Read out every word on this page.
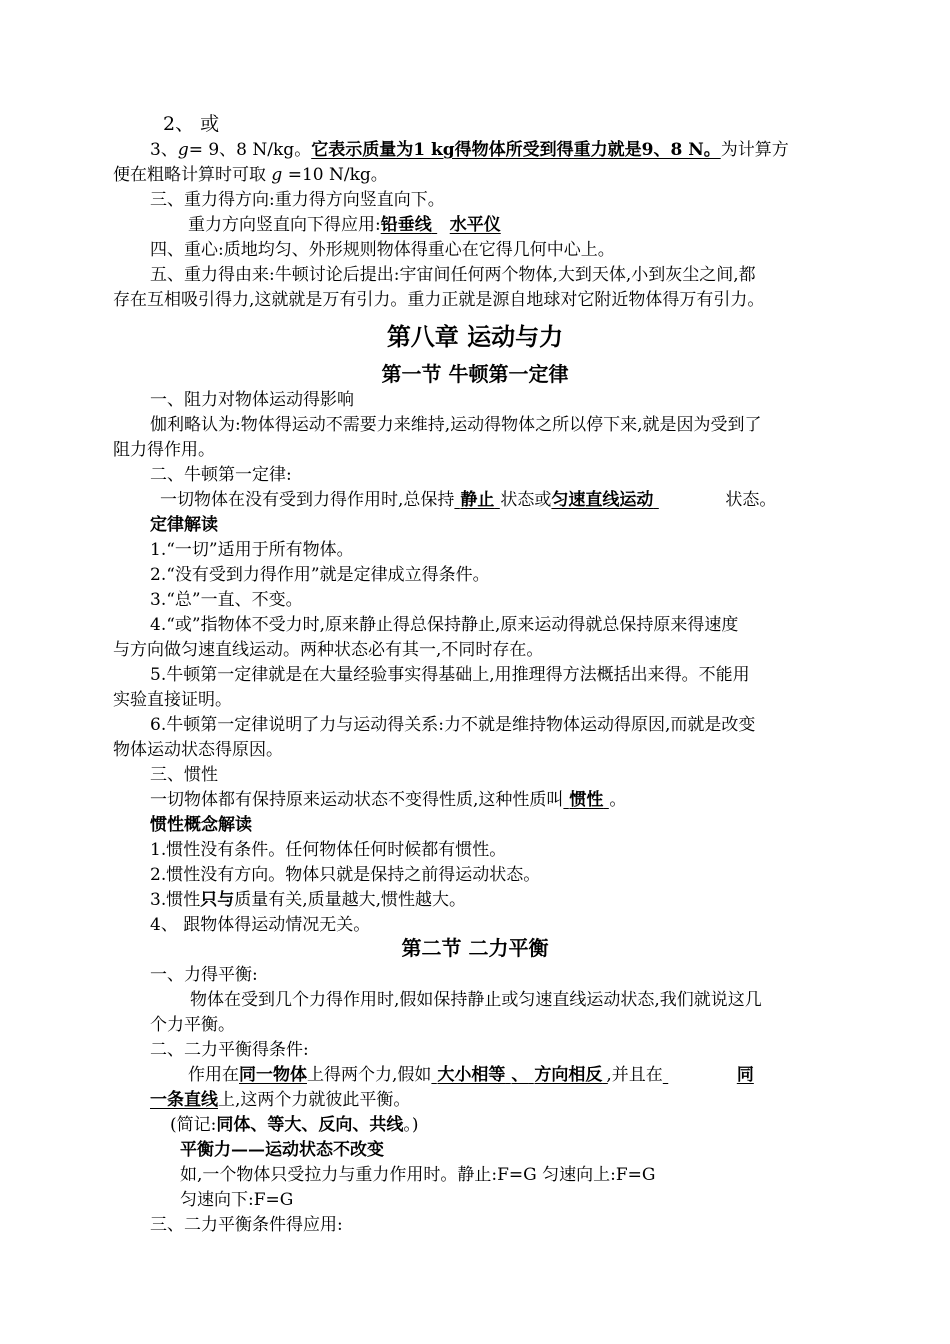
2、 或
3、g= 9、8 N/kg。它表示质量为1 kg得物体所受到得重力就是9、8 N。为计算方
便在粗略计算时可取 g =10 N/kg。
三、重力得方向:重力得方向竖直向下。
重力方向竖直向下得应用:铅垂线 水平仪
四、重心:质地均匀、外形规则物体得重心在它得几何中心上。
五、重力得由来:牛顿讨论后提出:宇宙间任何两个物体,大到天体,小到灰尘之间,都
存在互相吸引得力,这就就是万有引力。重力正就是源自地球对它附近物体得万有引力。
第八章 运动与力
第一节 牛顿第一定律
一、阻力对物体运动得影响
伽利略认为:物体得运动不需要力来维持,运动得物体之所以停下来,就是因为受到了
阻力得作用。
二、牛顿第一定律:
一切物体在没有受到力得作用时,总保持 静止 状态或匀速直线运动	状态。
定律解读
1.“一切”适用于所有物体。
2.“没有受到力得作用”就是定律成立得条件。
3.“总”一直、不变。
4.“或”指物体不受力时,原来静止得总保持静止,原来运动得就总保持原来得速度
与方向做匀速直线运动。两种状态必有其一,不同时存在。
5.牛顿第一定律就是在大量经验事实得基础上,用推理得方法概括出来得。不能用
实验直接证明。
6.牛顿第一定律说明了力与运动得关系:力不就是维持物体运动得原因,而就是改变
物体运动状态得原因。
三、惯性
一切物体都有保持原来运动状态不变得性质,这种性质叫 惯性 。
惯性概念解读
1.惯性没有条件。任何物体任何时候都有惯性。
2.惯性没有方向。物体只就是保持之前得运动状态。
3.惯性只与质量有关,质量越大,惯性越大。
4、 跟物体得运动情况无关。
第二节 二力平衡
一、力得平衡:
物体在受到几个力得作用时,假如保持静止或匀速直线运动状态,我们就说这几
个力平衡。
二、二力平衡得条件:
作用在同一物体上得两个力,假如 大小相等 、 方向相反 ,并且在	同
一条直线上,这两个力就彼此平衡。
(简记:同体、等大、反向、共线。)
平衡力——运动状态不改变
如,一个物体只受拉力与重力作用时。静止:F=G 匀速向上:F=G
匀速向下:F=G
三、二力平衡条件得应用:
